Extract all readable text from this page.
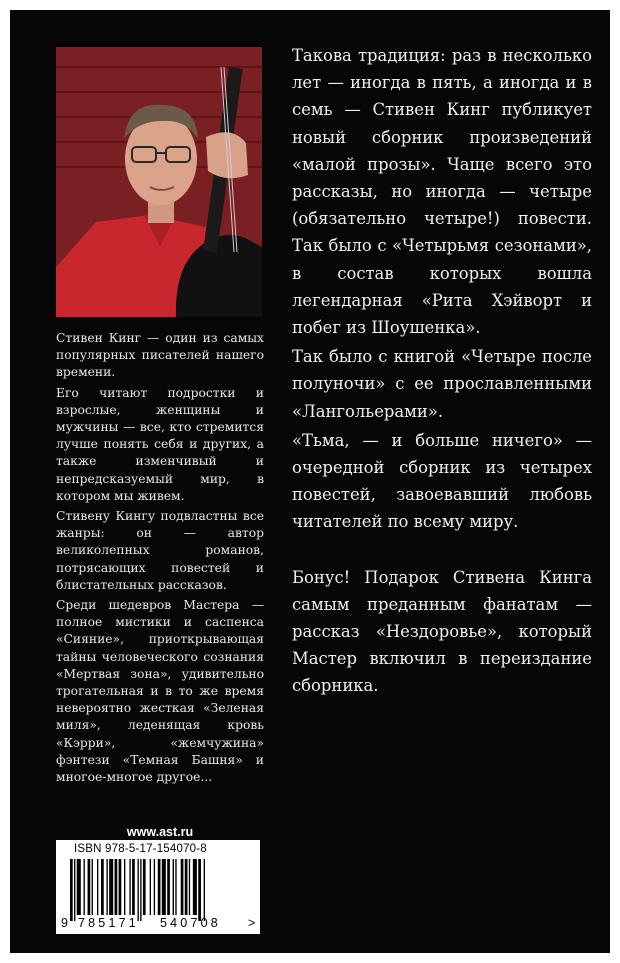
Стивен Кинг — один из самых популярных писателей нашего времени.

Его читают подростки и взрослые, женщины и мужчины — все, кто стремится лучше понять себя и других, а также изменчивый и непредсказуемый мир, в котором мы живем.

Стивену Кингу подвластны все жанры: он — автор великолепных романов, потрясающих повестей и блистательных рассказов.

Среди шедевров Мастера — полное мистики и саспенса «Сияние», приоткрывающая тайны человеческого сознания «Мертвая зона», удивительно трогательная и в то же время невероятно жесткая «Зеленая миля», леденящая кровь «Кэрри», «жемчужина» фэнтези «Темная Башня» и многое-многое другое...

Такова традиция: раз в несколько лет — иногда в пять, а иногда и в семь — Стивен Кинг публикует новый сборник произведений «малой прозы». Чаще всего это рассказы, но иногда — четыре (обязательно четыре!) повести. Так было с «Четырьмя сезонами», в состав которых вошла легендарная «Рита Хэйворт и побег из Шоушенка».

Так было с книгой «Четыре после полуночи» с ее прославленными «Лангольерами».

«Тьма, — и больше ничего» — очередной сборник из четырех повестей, завоевавший любовь читателей по всему миру.

Бонус! Подарок Стивена Кинга самым преданным фанатам — рассказ «Нездоровье», который Мастер включил в переиздание сборника.

www.ast.ru
ISBN 978-5-17-154070-8
9 785171 540708 >
